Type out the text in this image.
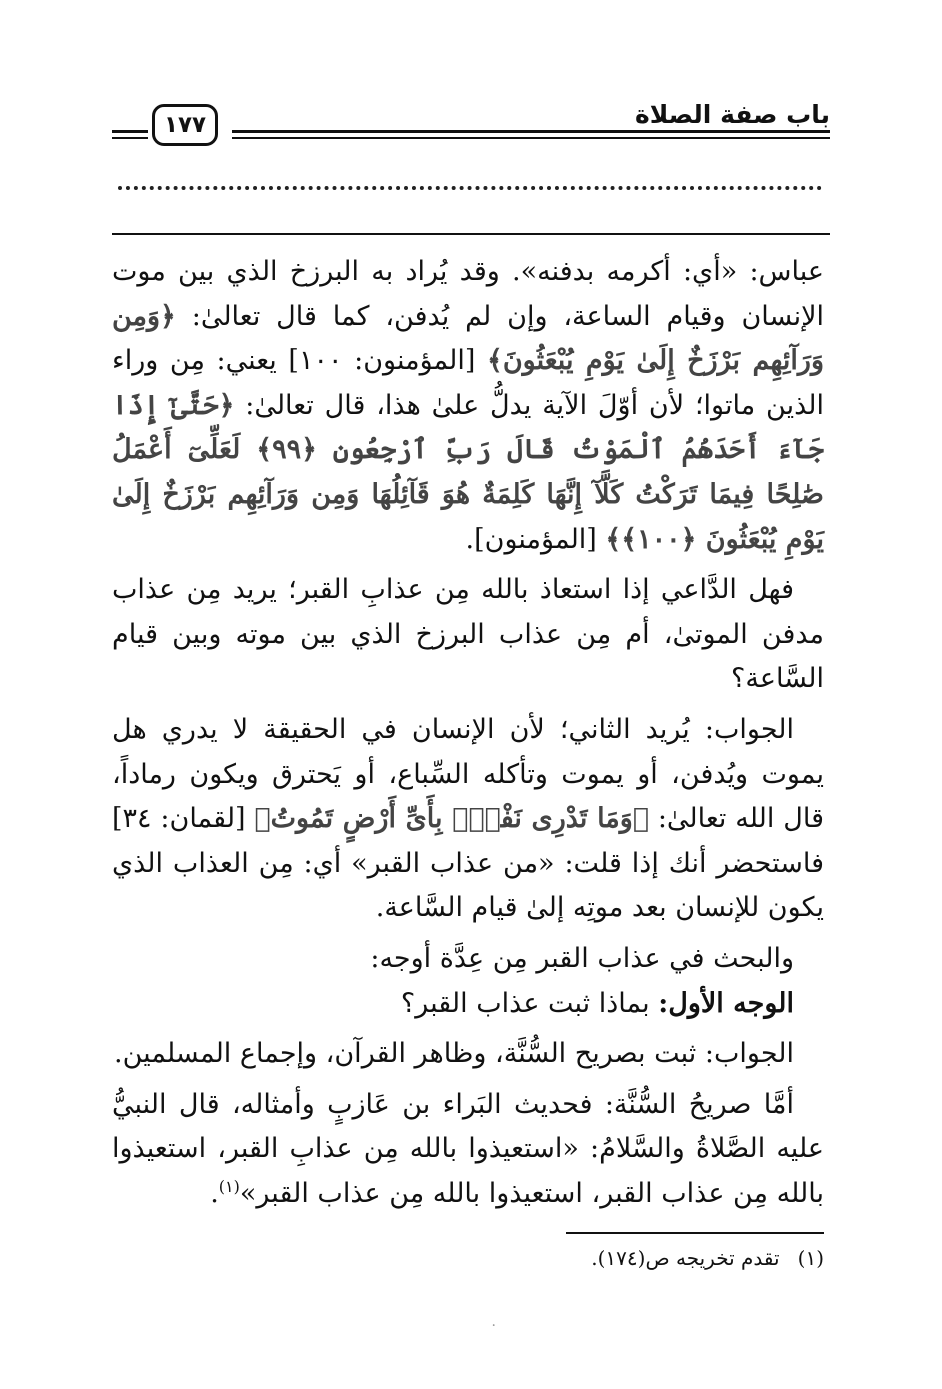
باب صفة الصلاة
١٧٧

عباس: «أي: أكرمه بدفنه». وقد يُراد به البرزخ الذي بين موت الإنسان وقيام الساعة، وإن لم يُدفن، كما قال تعالىٰ: ﴿وَمِن وَرَآئِهِم بَرْزَخٌ إِلَىٰ يَوْمِ يُبْعَثُونَ﴾ [المؤمنون: ١٠٠] يعني: مِن وراء الذين ماتوا؛ لأن أوّلَ الآية يدلُّ علىٰ هذا، قال تعالىٰ: ﴿حَتَّىٰٓ إِذَا جَآءَ أَحَدَهُمُ ٱلْمَوْتُ قَالَ رَبِّ ٱرْجِعُونِ ﴿٩٩﴾ لَعَلِّىٓ أَعْمَلُ صَٰلِحًا فِيمَا تَرَكْتُ كَلَّآ إِنَّهَا كَلِمَةٌ هُوَ قَآئِلُهَا وَمِن وَرَآئِهِم بَرْزَخٌ إِلَىٰ يَوْمِ يُبْعَثُونَ ﴿١٠٠﴾﴾ [المؤمنون].

فهل الدَّاعي إذا استعاذ بالله مِن عذابِ القبر؛ يريد مِن عذاب مدفن الموتىٰ، أم مِن عذاب البرزخ الذي بين موته وبين قيام السَّاعة؟

الجواب: يُريد الثاني؛ لأن الإنسان في الحقيقة لا يدري هل يموت ويُدفن، أو يموت وتأكله السِّباع، أو يَحترق ويكون رماداً، قال الله تعالىٰ: ﴿وَمَا تَدْرِى نَفْسٌۢ بِأَىِّ أَرْضٍ تَمُوتُ﴾ [لقمان: ٣٤] فاستحضر أنك إذا قلت: «من عذاب القبر» أي: مِن العذاب الذي يكون للإنسان بعد موتِه إلىٰ قيام السَّاعة.

والبحث في عذاب القبر مِن عِدَّة أوجه:

الوجه الأول: بماذا ثبت عذاب القبر؟

الجواب: ثبت بصريح السُّنَّة، وظاهر القرآن، وإجماع المسلمين.

أمَّا صريحُ السُّنَّة: فحديث البَراء بن عَازبٍ وأمثاله، قال النبيُّ عليه الصَّلاةُ والسَّلامُ: «استعيذوا بالله مِن عذابِ القبر، استعيذوا بالله مِن عذاب القبر، استعيذوا بالله مِن عذاب القبر»$^{(١)}$.

(١)تقدم تخريجه ص(١٧٤).
·
